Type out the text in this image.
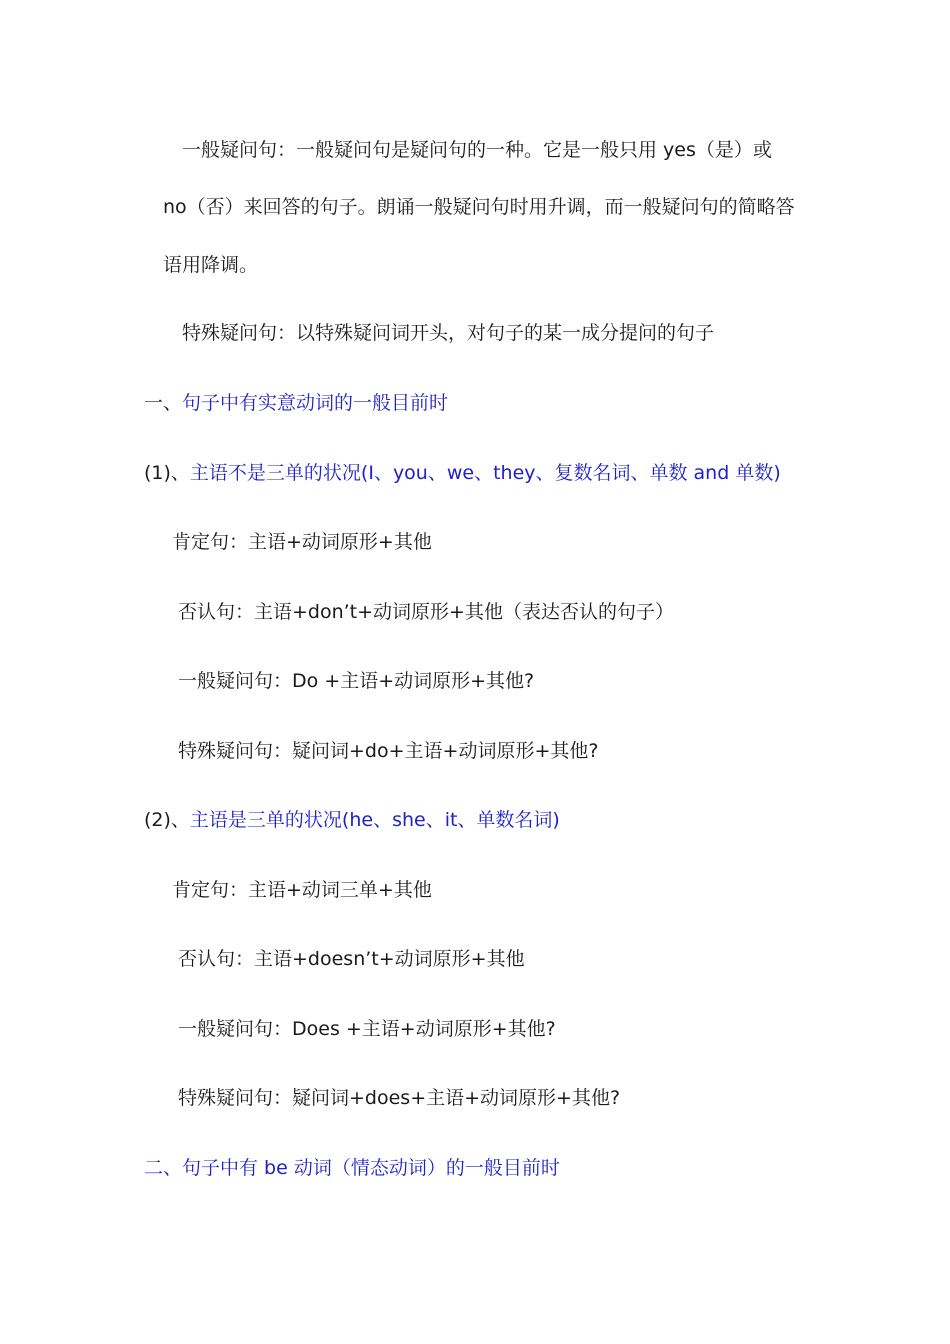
一般疑问句：一般疑问句是疑问句的一种。它是一般只用 yes（是）或
no（否）来回答的句子。朗诵一般疑问句时用升调，而一般疑问句的简略答
语用降调。
特殊疑问句：以特殊疑问词开头，对句子的某一成分提问的句子
一、句子中有实意动词的一般目前时
(1)、主语不是三单的状况(I、you、we、they、复数名词、单数 and 单数)
肯定句：主语+动词原形+其他
否认句：主语+don’t+动词原形+其他（表达否认的句子）
一般疑问句：Do +主语+动词原形+其他?
特殊疑问句：疑问词+do+主语+动词原形+其他?
(2)、主语是三单的状况(he、she、it、单数名词)
肯定句：主语+动词三单+其他
否认句：主语+doesn’t+动词原形+其他
一般疑问句：Does +主语+动词原形+其他?
特殊疑问句：疑问词+does+主语+动词原形+其他?
二、句子中有 be 动词（情态动词）的一般目前时
